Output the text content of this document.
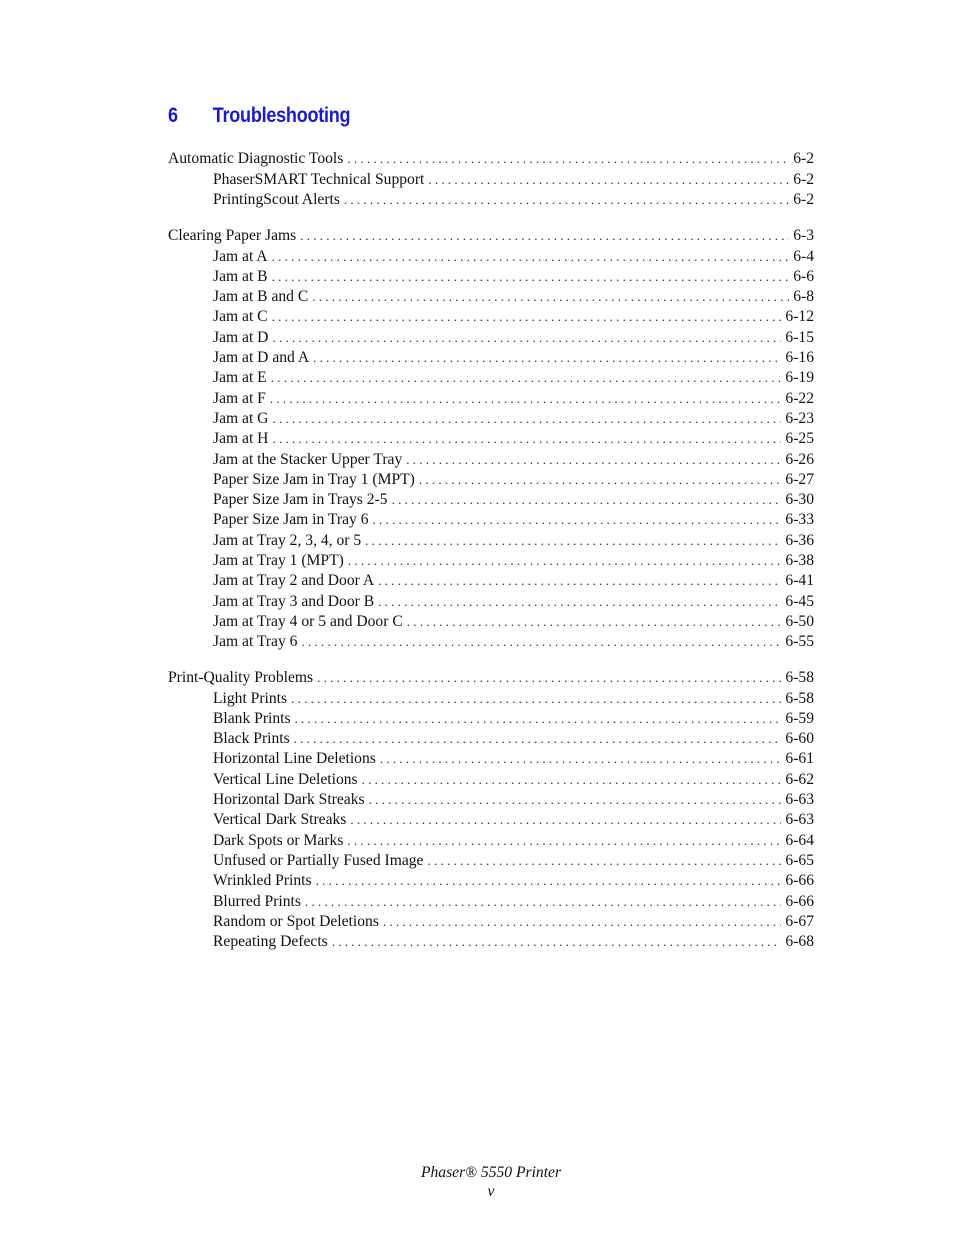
6 Troubleshooting
Automatic Diagnostic Tools . . .	6-2
PhaserSMART Technical Support . . .	6-2
PrintingScout Alerts . . .	6-2
Clearing Paper Jams . . .	6-3
Jam at A . . .	6-4
Jam at B . . .	6-6
Jam at B and C . . .	6-8
Jam at C . . .	6-12
Jam at D . . .	6-15
Jam at D and A . . .	6-16
Jam at E . . .	6-19
Jam at F . . .	6-22
Jam at G . . .	6-23
Jam at H . . .	6-25
Jam at the Stacker Upper Tray . . .	6-26
Paper Size Jam in Tray 1 (MPT) . . .	6-27
Paper Size Jam in Trays 2-5 . . .	6-30
Paper Size Jam in Tray 6 . . .	6-33
Jam at Tray 2, 3, 4, or 5 . . .	6-36
Jam at Tray 1 (MPT) . . .	6-38
Jam at Tray 2 and Door A . . .	6-41
Jam at Tray 3 and Door B . . .	6-45
Jam at Tray 4 or 5 and Door C . . .	6-50
Jam at Tray 6 . . .	6-55
Print-Quality Problems . . .	6-58
Light Prints . . .	6-58
Blank Prints . . .	6-59
Black Prints . . .	6-60
Horizontal Line Deletions . . .	6-61
Vertical Line Deletions . . .	6-62
Horizontal Dark Streaks . . .	6-63
Vertical Dark Streaks . . .	6-63
Dark Spots or Marks . . .	6-64
Unfused or Partially Fused Image . . .	6-65
Wrinkled Prints . . .	6-66
Blurred Prints . . .	6-66
Random or Spot Deletions . . .	6-67
Repeating Defects . . .	6-68
Phaser® 5550 Printer
v
